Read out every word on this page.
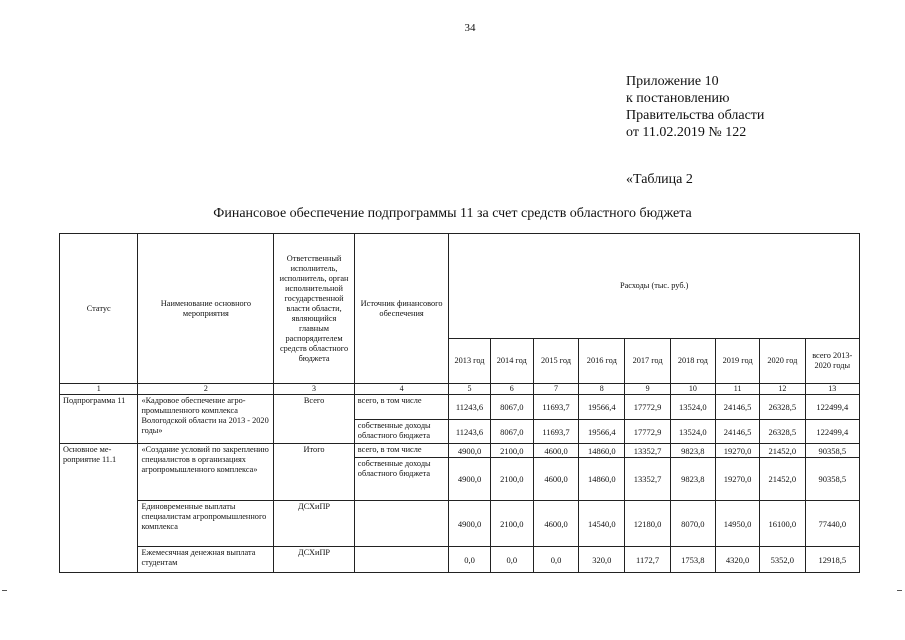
34
Приложение 10
к постановлению
Правительства области
от 11.02.2019 № 122
«Таблица 2
Финансовое обеспечение подпрограммы 11 за счет средств областного бюджета
Статус	Наименование основного мероприятия	Ответственный исполнитель, исполнитель, орган исполнительной государственной власти области, являющийся главным распорядителем средств областного бюджета	Источник финансового обеспечения	Расходы (тыс. руб.)								
				2013 год	2014 год	2015 год	2016 год	2017 год	2018 год	2019 год	2020 год	всего 2013-2020 годы
1	2	3	4	5	6	7	8	9	10	11	12	13
Подпрограмма 11	«Кадровое обеспечение агропромышленного комплекса Вологодской области на 2013 - 2020 годы»	Всего	всего, в том числе	11243,6	8067,0	11693,7	19566,4	17772,9	13524,0	24146,5	26328,5	122499,4
			собственные доходы областного бюджета	11243,6	8067,0	11693,7	19566,4	17772,9	13524,0	24146,5	26328,5	122499,4
Основное мероприятие 11.1	«Создание условий по закреплению специалистов в организациях агропромышленного комплекса»	Итого	всего, в том числе	4900,0	2100,0	4600,0	14860,0	13352,7	9823,8	19270,0	21452,0	90358,5
			собственные доходы областного бюджета	4900,0	2100,0	4600,0	14860,0	13352,7	9823,8	19270,0	21452,0	90358,5
	Единовременные выплаты специалистам агропромышленного комплекса	ДСХиПР		4900,0	2100,0	4600,0	14540,0	12180,0	8070,0	14950,0	16100,0	77440,0
	Ежемесячная денежная выплата студентам	ДСХиПР		0,0	0,0	0,0	320,0	1172,7	1753,8	4320,0	5352,0	12918,5
